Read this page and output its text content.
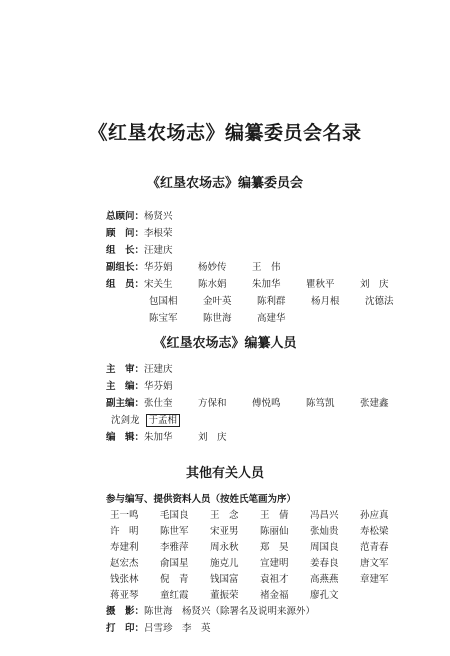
《红垦农场志》编纂委员会名录
《红垦农场志》编纂委员会
总顾问：杨贤兴
顾　问：李根荣
组　长：汪建庆
副组长： 华芬娟	杨妙传	王　伟
组　员： 宋关生	陈水娟	朱加华	瞿秋平	刘　庆
包国相	金叶英	陈利群	杨月根	沈德法
陈宝军	陈世海	高建华
《红垦农场志》编纂人员
主　审：汪建庆
主　编：华芬娟
副主编： 张仕奎	方保和	傅悦鸣	陈笃凯	张建鑫
沈剑龙 于孟相
编　辑： 朱加华	刘　庆
其他有关人员
参与编写、提供资料人员（按姓氏笔画为序）
王一鸣	毛国良	王　念	王　倩	冯昌兴	孙应真
许　明	陈世军	宋亚男	陈丽仙	张灿贵	寿松梁
寿建利	李雅萍	周永秋	郑　昊	周国良	范青春
赵宏杰	俞国星	施克儿	宣建明	姜春良	唐文军
钱张林	倪　青	钱国富	袁祖才	高燕燕	章建军
蒋亚琴	童红霞	董振荣	褚金福	廖孔文
摄　影：陈世海　杨贤兴（除署名及说明来源外）
打　印：吕雪珍　李　英
